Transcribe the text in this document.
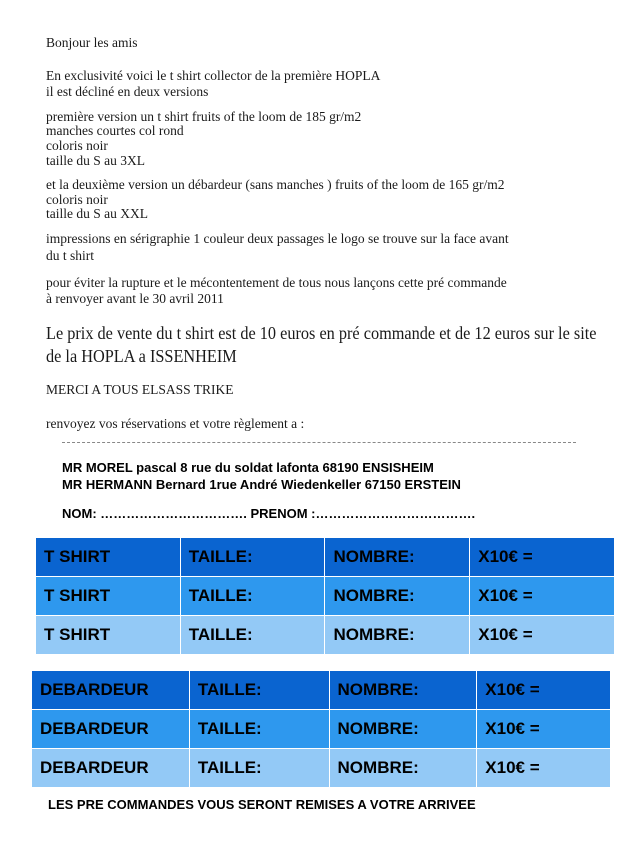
Bonjour les amis
En exclusivité voici le t shirt collector de la première HOPLA
il est décliné en deux versions
première version un t shirt fruits of the loom de 185 gr/m2
manches courtes col rond
coloris noir
taille du S au 3XL
et la deuxième version un débardeur (sans manches ) fruits of the loom de 165 gr/m2
coloris noir
taille du S au XXL
impressions en sérigraphie 1 couleur deux passages le logo se trouve sur la face avant
du t shirt
pour éviter la rupture et le mécontentement de tous nous lançons cette pré commande
à renvoyer avant le 30 avril 2011
Le prix de vente du t shirt est de 10 euros en pré commande et de 12 euros sur le site
de la HOPLA a ISSENHEIM
MERCI A TOUS ELSASS TRIKE
renvoyez vos réservations et votre règlement a :
MR MOREL pascal 8 rue du soldat lafonta 68190 ENSISHEIM
MR HERMANN Bernard 1rue André Wiedenkeller 67150 ERSTEIN
NOM: ……………………………. PRENOM :……………………………….
T SHIRT	TAILLE:	NOMBRE:	X10€ =
T SHIRT	TAILLE:	NOMBRE:	X10€ =
T SHIRT	TAILLE:	NOMBRE:	X10€ =
DEBARDEUR	TAILLE:	NOMBRE:	X10€ =
DEBARDEUR	TAILLE:	NOMBRE:	X10€ =
DEBARDEUR	TAILLE:	NOMBRE:	X10€ =
LES PRE COMMANDES VOUS SERONT REMISES A VOTRE ARRIVEE
